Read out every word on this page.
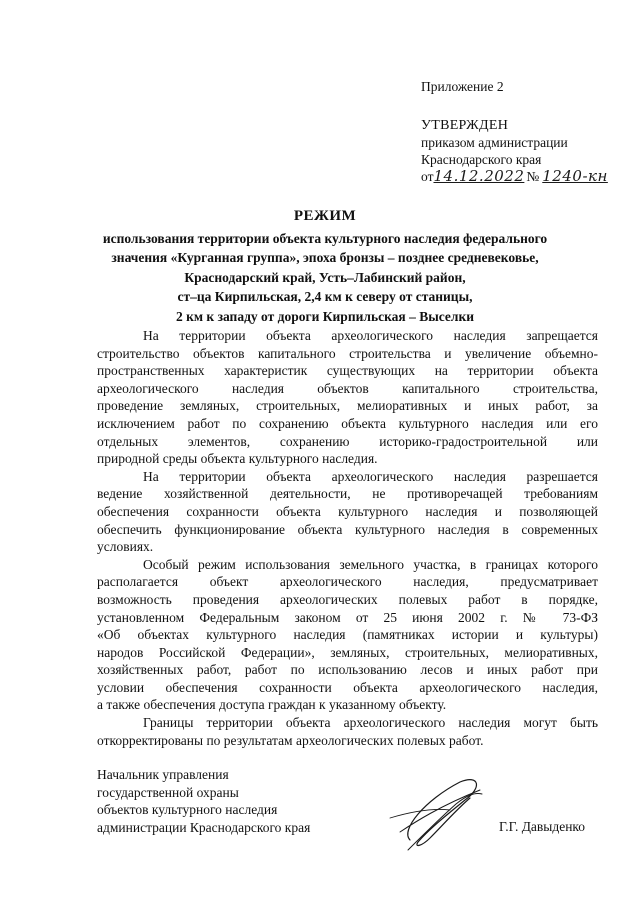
Приложение 2
УТВЕРЖДЕН
приказом администрации
Краснодарского края
от 14.12.2022 № 1240-кн
РЕЖИМ
использования территории объекта культурного наследия федерального
значения «Курганная группа», эпоха бронзы – позднее средневековье,
Краснодарский край, Усть–Лабинский район,
ст–ца Кирпильская, 2,4 км к северу от станицы,
2 км к западу от дороги Кирпильская – Выселки
На территории объекта археологического наследия запрещается
строительство объектов капитального строительства и увеличение объемно-
пространственных характеристик существующих на территории объекта
археологического наследия объектов капитального строительства,
проведение земляных, строительных, мелиоративных и иных работ, за
исключением работ по сохранению объекта культурного наследия или его
отдельных элементов, сохранению историко-градостроительной или
природной среды объекта культурного наследия.
На территории объекта археологического наследия разрешается
ведение хозяйственной деятельности, не противоречащей требованиям
обеспечения сохранности объекта культурного наследия и позволяющей
обеспечить функционирование объекта культурного наследия в современных
условиях.
Особый режим использования земельного участка, в границах которого
располагается объект археологического наследия, предусматривает
возможность проведения археологических полевых работ в порядке,
установленном Федеральным законом от 25 июня 2002 г. № 73-ФЗ
«Об объектах культурного наследия (памятниках истории и культуры)
народов Российской Федерации», земляных, строительных, мелиоративных,
хозяйственных работ, работ по использованию лесов и иных работ при
условии обеспечения сохранности объекта археологического наследия,
а также обеспечения доступа граждан к указанному объекту.
Границы территории объекта археологического наследия могут быть
откорректированы по результатам археологических полевых работ.
Начальник управления
государственной охраны
объектов культурного наследия
администрации Краснодарского края	Г.Г. Давыденко
